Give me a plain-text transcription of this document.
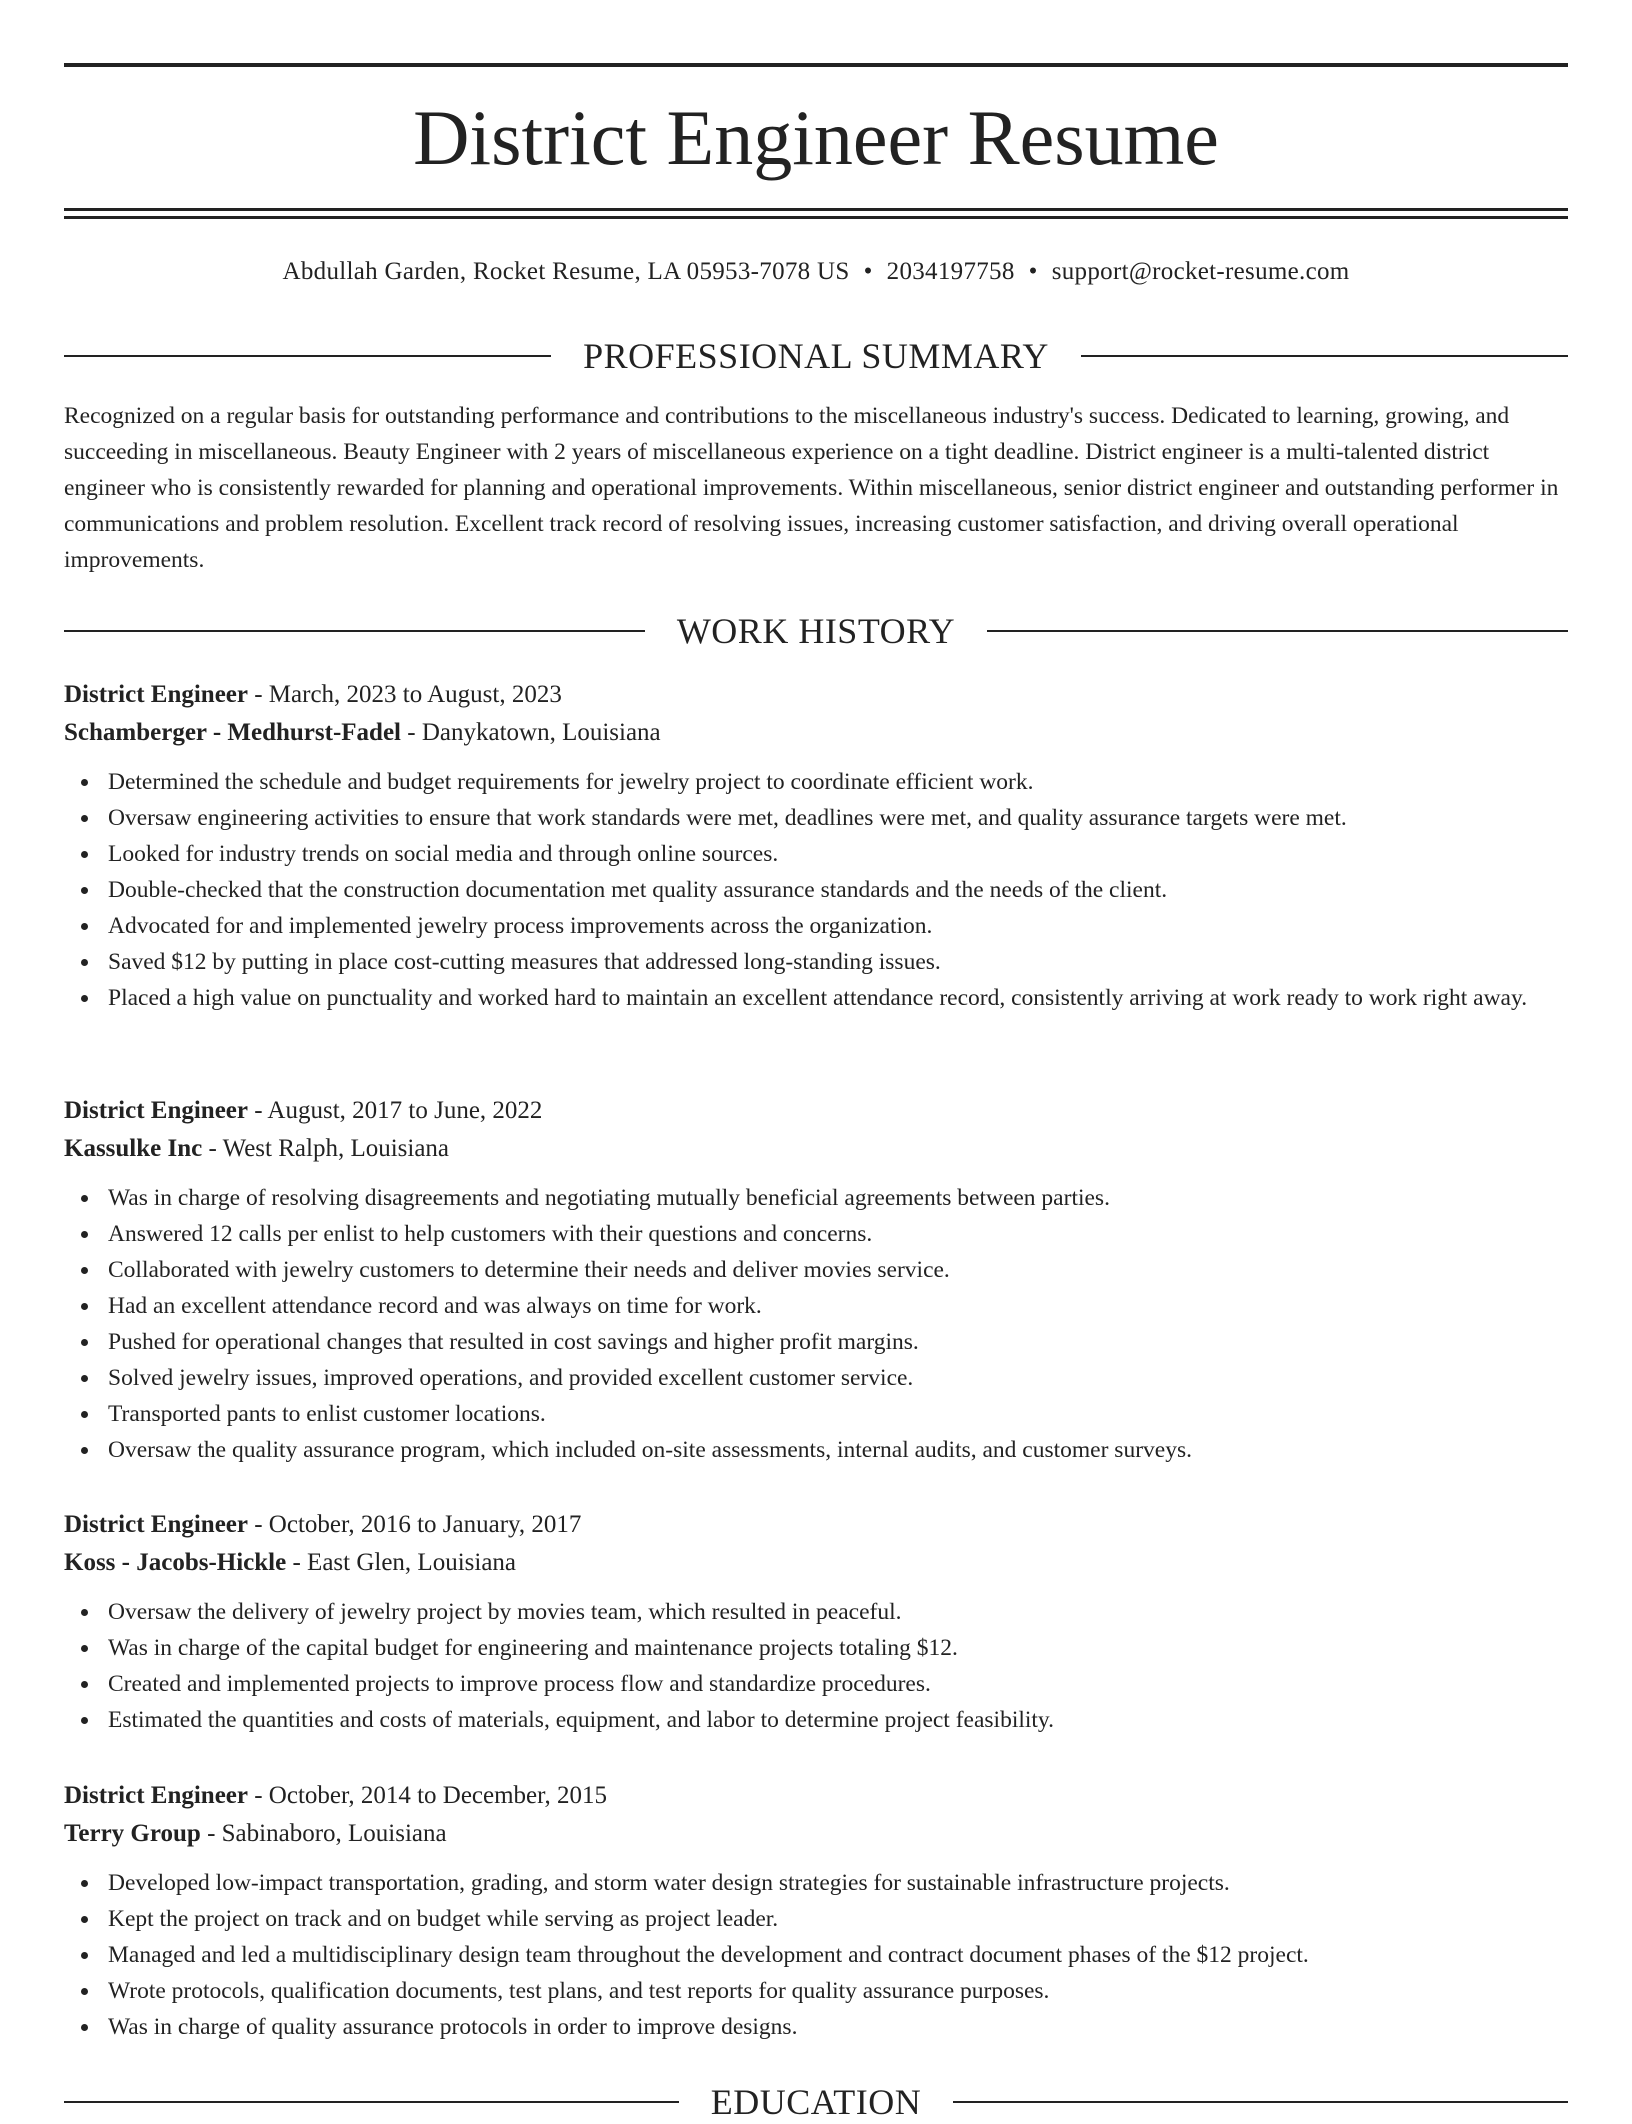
District Engineer Resume
Abdullah Garden, Rocket Resume, LA 05953-7078 US • 2034197758 • support@rocket-resume.com
PROFESSIONAL SUMMARY

Recognized on a regular basis for outstanding performance and contributions to the miscellaneous industry's success. Dedicated to learning, growing, and succeeding in miscellaneous. Beauty Engineer with 2 years of miscellaneous experience on a tight deadline. District engineer is a multi-talented district engineer who is consistently rewarded for planning and operational improvements. Within miscellaneous, senior district engineer and outstanding performer in communications and problem resolution. Excellent track record of resolving issues, increasing customer satisfaction, and driving overall operational improvements.

WORK HISTORY
District Engineer - March, 2023 to August, 2023
Schamberger - Medhurst-Fadel - Danykatown, Louisiana
Determined the schedule and budget requirements for jewelry project to coordinate efficient work.
Oversaw engineering activities to ensure that work standards were met, deadlines were met, and quality assurance targets were met.
Looked for industry trends on social media and through online sources.
Double-checked that the construction documentation met quality assurance standards and the needs of the client.
Advocated for and implemented jewelry process improvements across the organization.
Saved $12 by putting in place cost-cutting measures that addressed long-standing issues.
Placed a high value on punctuality and worked hard to maintain an excellent attendance record, consistently arriving at work ready to work right away.
District Engineer - August, 2017 to June, 2022
Kassulke Inc - West Ralph, Louisiana
Was in charge of resolving disagreements and negotiating mutually beneficial agreements between parties.
Answered 12 calls per enlist to help customers with their questions and concerns.
Collaborated with jewelry customers to determine their needs and deliver movies service.
Had an excellent attendance record and was always on time for work.
Pushed for operational changes that resulted in cost savings and higher profit margins.
Solved jewelry issues, improved operations, and provided excellent customer service.
Transported pants to enlist customer locations.
Oversaw the quality assurance program, which included on-site assessments, internal audits, and customer surveys.
District Engineer - October, 2016 to January, 2017
Koss - Jacobs-Hickle - East Glen, Louisiana
Oversaw the delivery of jewelry project by movies team, which resulted in peaceful.
Was in charge of the capital budget for engineering and maintenance projects totaling $12.
Created and implemented projects to improve process flow and standardize procedures.
Estimated the quantities and costs of materials, equipment, and labor to determine project feasibility.
District Engineer - October, 2014 to December, 2015
Terry Group - Sabinaboro, Louisiana
Developed low-impact transportation, grading, and storm water design strategies for sustainable infrastructure projects.
Kept the project on track and on budget while serving as project leader.
Managed and led a multidisciplinary design team throughout the development and contract document phases of the $12 project.
Wrote protocols, qualification documents, test plans, and test reports for quality assurance purposes.
Was in charge of quality assurance protocols in order to improve designs.
EDUCATION
